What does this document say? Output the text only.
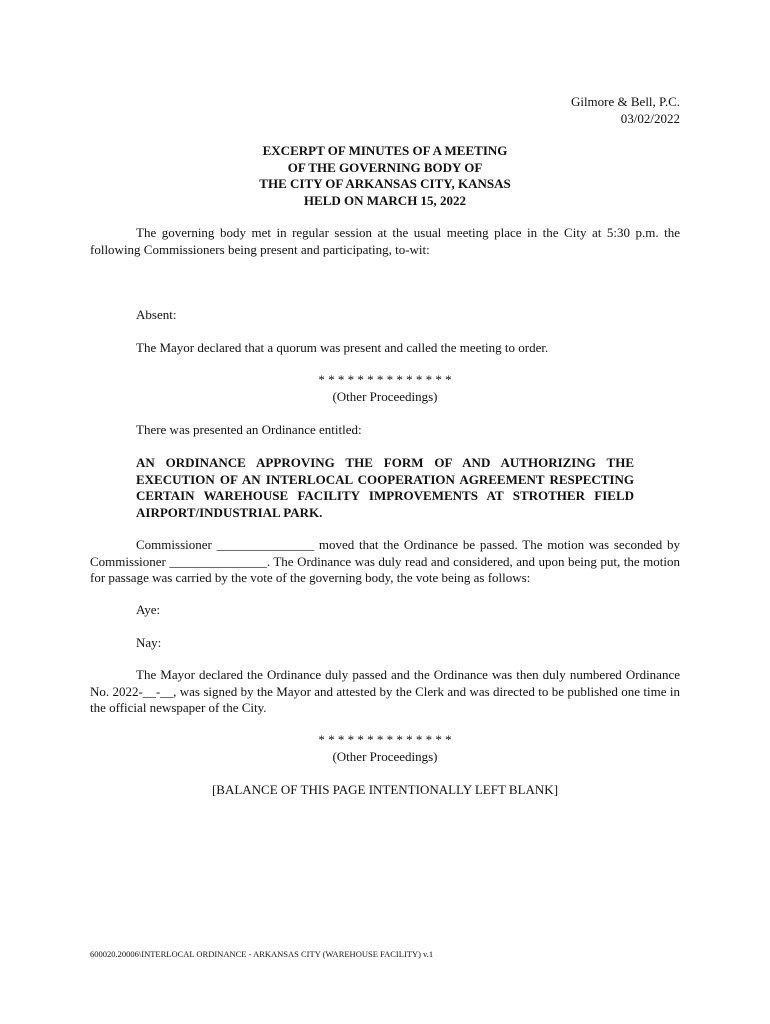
Gilmore & Bell, P.C.
03/02/2022
EXCERPT OF MINUTES OF A MEETING
OF THE GOVERNING BODY OF
THE CITY OF ARKANSAS CITY, KANSAS
HELD ON MARCH 15, 2022

The governing body met in regular session at the usual meeting place in the City at 5:30 p.m. the following Commissioners being present and participating, to-wit:

Absent:

The Mayor declared that a quorum was present and called the meeting to order.

* * * * * * * * * * * * * *

(Other Proceedings)

There was presented an Ordinance entitled:

AN ORDINANCE APPROVING THE FORM OF AND AUTHORIZING THE EXECUTION OF AN INTERLOCAL COOPERATION AGREEMENT RESPECTING CERTAIN WAREHOUSE FACILITY IMPROVEMENTS AT STROTHER FIELD AIRPORT/INDUSTRIAL PARK.

Commissioner _______________ moved that the Ordinance be passed. The motion was seconded by Commissioner _______________. The Ordinance was duly read and considered, and upon being put, the motion for passage was carried by the vote of the governing body, the vote being as follows:

Aye:

Nay:

The Mayor declared the Ordinance duly passed and the Ordinance was then duly numbered Ordinance No. 2022-__-__, was signed by the Mayor and attested by the Clerk and was directed to be published one time in the official newspaper of the City.

* * * * * * * * * * * * * *

(Other Proceedings)

[BALANCE OF THIS PAGE INTENTIONALLY LEFT BLANK]

600020.20006\INTERLOCAL ORDINANCE - ARKANSAS CITY (WAREHOUSE FACILITY) v.1
